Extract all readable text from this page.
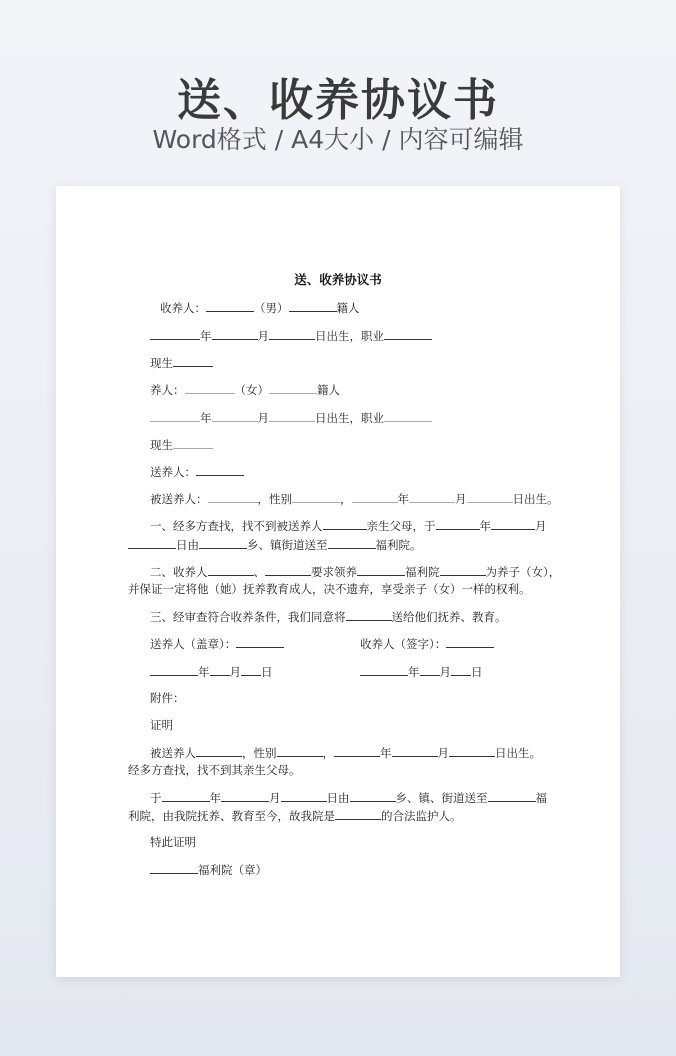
送、收养协议书
Word格式 / A4大小 / 内容可编辑
送、收养协议书
收养人：	（男）	籍人
年	月	日出生，职业
现生
养人：	（女）	籍人
年	月	日出生，职业
现生
送养人：
被送养人：	，性别	，	年	月	日出生。
一、经多方查找，找不到被送养人	亲生父母，于	年	月
日由	乡、镇街道送至	福利院。
二、收养人	、	要求领养	福利院	为养子（女），
并保证一定将他（她）抚养教育成人，决不遗弃，享受亲子（女）一样的权利。
三、经审查符合收养条件，我们同意将	送给他们抚养、教育。
送养人（盖章）：	收养人（签字）：
年 月 日	年 月 日
附件：
证明
被送养人	，性别	，	年	月	日出生。
经多方查找，找不到其亲生父母。
于	年	月	日由	乡、镇、街道送至	福
利院，由我院抚养、教育至今，故我院是	的合法监护人。
特此证明
福利院（章）
